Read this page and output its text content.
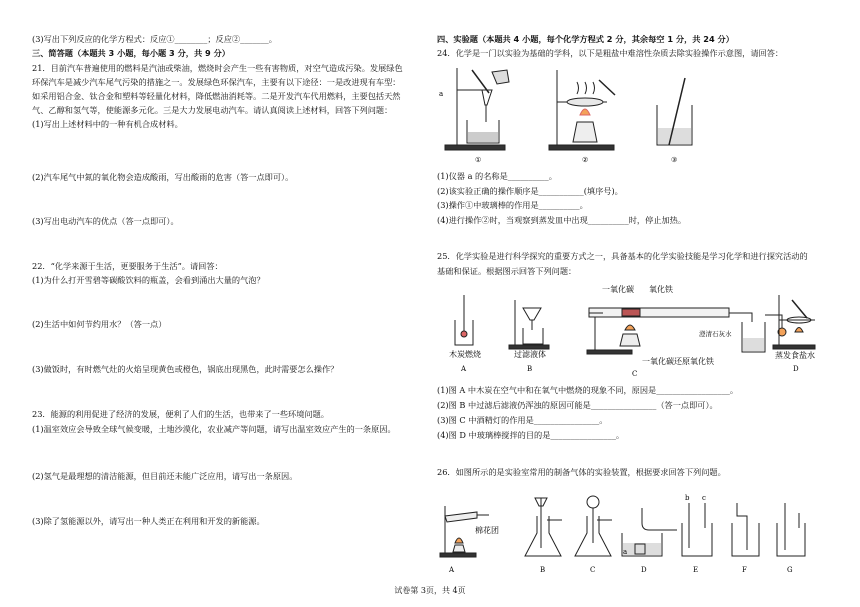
(3)写出下列反应的化学方程式：反应①________；反应②_______。
三、简答题（本题共 3 小题，每小题 3 分，共 9 分）
21．目前汽车普遍使用的燃料是汽油或柴油，燃烧时会产生一些有害物质，对空气造成污染。发展绿色
环保汽车是减少汽车尾气污染的措施之一。发展绿色环保汽车，主要有以下途径：一是改进现有车型：
如采用铝合金、钛合金和塑料等轻量化材料，降低燃油消耗等。二是开发汽车代用燃料，主要包括天然
气、乙醇和氢气等，使能源多元化。三是大力发展电动汽车。请认真阅读上述材料，回答下列问题：
(1)写出上述材料中的一种有机合成材料。
(2)汽车尾气中氮的氧化物会造成酸雨，写出酸雨的危害（答一点即可）。
(3)写出电动汽车的优点（答一点即可）。
22．“化学来源于生活，更要服务于生活”。请回答：
(1)为什么打开雪碧等碳酸饮料的瓶盖，会看到涌出大量的气泡？
(2)生活中如何节约用水？（答一点）
(3)做饭时，有时燃气灶的火焰呈现黄色或橙色，锅底出现黑色，此时需要怎么操作？
23．能源的利用促进了经济的发展，便利了人们的生活，也带来了一些环境问题。
(1)温室效应会导致全球气候变暖，土地沙漠化，农业减产等问题，请写出温室效应产生的一条原因。
(2)氢气是最理想的清洁能源，但目前还未能广泛应用，请写出一条原因。
(3)除了氢能源以外，请写出一种人类正在利用和开发的新能源。
四、实验题（本题共 4 小题，每个化学方程式 2 分，其余每空 1 分，共 24 分）
24．化学是一门以实验为基础的学科，以下是粗盐中难溶性杂质去除实验操作示意图，请回答：
a
①	②	③
(1)仪器 a 的名称是__________。
(2)该实验正确的操作顺序是___________(填序号)。
(3)操作①中玻璃棒的作用是__________。
(4)进行操作②时，当观察到蒸发皿中出现__________时，停止加热。
25．化学实验是进行科学探究的重要方式之一，具备基本的化学实验技能是学习化学和进行探究活动的
基础和保证。根据图示回答下列问题：
木炭燃烧
A
过滤液体
B
一氧化碳 氧化铁
澄清石灰水
一氧化碳还原氧化铁
C
蒸发食盐水
D
(1)图 A 中木炭在空气中和在氧气中燃烧的现象不同，原因是__________________。
(2)图 B 中过滤后滤液仍浑浊的原因可能是________________（答一点即可）。
(3)图 C 中酒精灯的作用是________________。
(4)图 D 中玻璃棒搅拌的目的是________________。
26．如图所示的是实验室常用的制备气体的实验装置，根据要求回答下列问题。
棉花团
A	B	C
a
D
b c
E	F	G
试卷第 3页，共 4页
